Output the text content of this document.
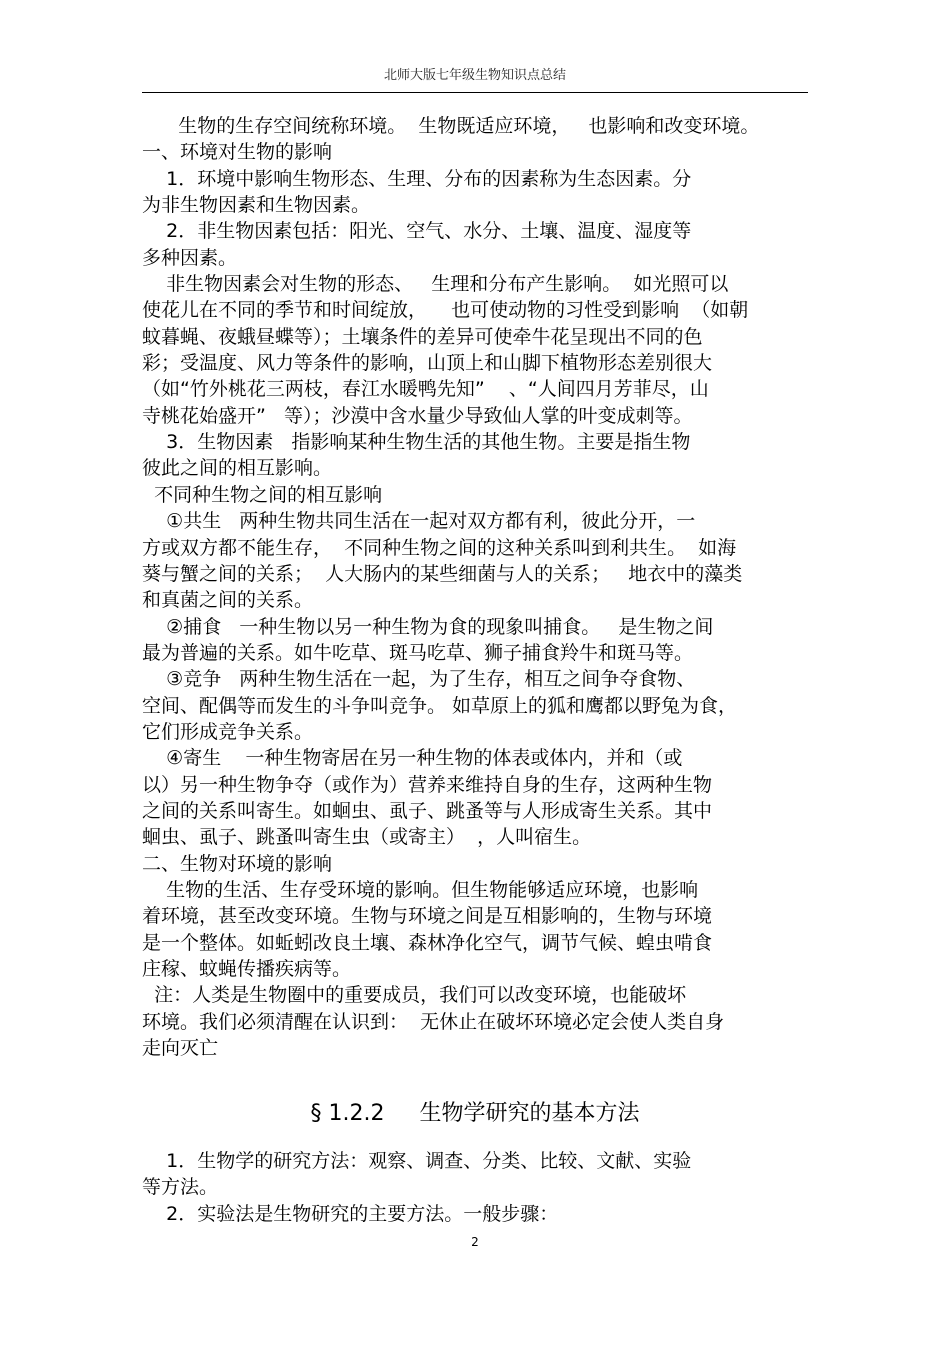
北师大版七年级生物知识点总结
生物的生存空间统称环境。  生物既适应环境，   也影响和改变环境。
一、环境对生物的影响
1．环境中影响生物形态、生理、分布的因素称为生态因素。分
为非生物因素和生物因素。
2．非生物因素包括：阳光、空气、水分、土壤、温度、湿度等
多种因素。
非生物因素会对生物的形态、   生理和分布产生影响。  如光照可以
使花儿在不同的季节和时间绽放，    也可使动物的习性受到影响  （如朝
蚊暮蝇、夜蛾昼蝶等）；土壤条件的差异可使牵牛花呈现出不同的色
彩；受温度、风力等条件的影响，山顶上和山脚下植物形态差别很大
（如“竹外桃花三两枝，春江水暖鸭先知”    、“人间四月芳菲尽，山
寺桃花始盛开”   等）；沙漠中含水量少导致仙人掌的叶变成刺等。
3．生物因素   指影响某种生物生活的其他生物。主要是指生物
彼此之间的相互影响。
不同种生物之间的相互影响
①共生   两种生物共同生活在一起对双方都有利，彼此分开，一
方或双方都不能生存，  不同种生物之间的这种关系叫到利共生。  如海
葵与蟹之间的关系；  人大肠内的某些细菌与人的关系；   地衣中的藻类
和真菌之间的关系。
②捕食   一种生物以另一种生物为食的现象叫捕食。   是生物之间
最为普遍的关系。如牛吃草、斑马吃草、狮子捕食羚牛和斑马等。
③竞争   两种生物生活在一起，为了生存，相互之间争夺食物、
空间、配偶等而发生的斗争叫竞争。 如草原上的狐和鹰都以野兔为食，
它们形成竞争关系。
④寄生    一种生物寄居在另一种生物的体表或体内，并和（或
以）另一种生物争夺（或作为）营养来维持自身的生存，这两种生物
之间的关系叫寄生。如蛔虫、虱子、跳蚤等与人形成寄生关系。其中
蛔虫、虱子、跳蚤叫寄生虫（或寄主）  ，人叫宿生。
二、生物对环境的影响
生物的生活、生存受环境的影响。但生物能够适应环境，也影响
着环境，甚至改变环境。生物与环境之间是互相影响的，生物与环境
是一个整体。如蚯蚓改良土壤、森林净化空气，调节气候、蝗虫啃食
庄稼、蚊蝇传播疾病等。
注：人类是生物圈中的重要成员，我们可以改变环境，也能破坏
环境。我们必须清醒在认识到：  无休止在破坏环境必定会使人类自身
走向灭亡
§ 1.2.2     生物学研究的基本方法
1．生物学的研究方法：观察、调查、分类、比较、文献、实验
等方法。
2．实验法是生物研究的主要方法。一般步骤：
2
